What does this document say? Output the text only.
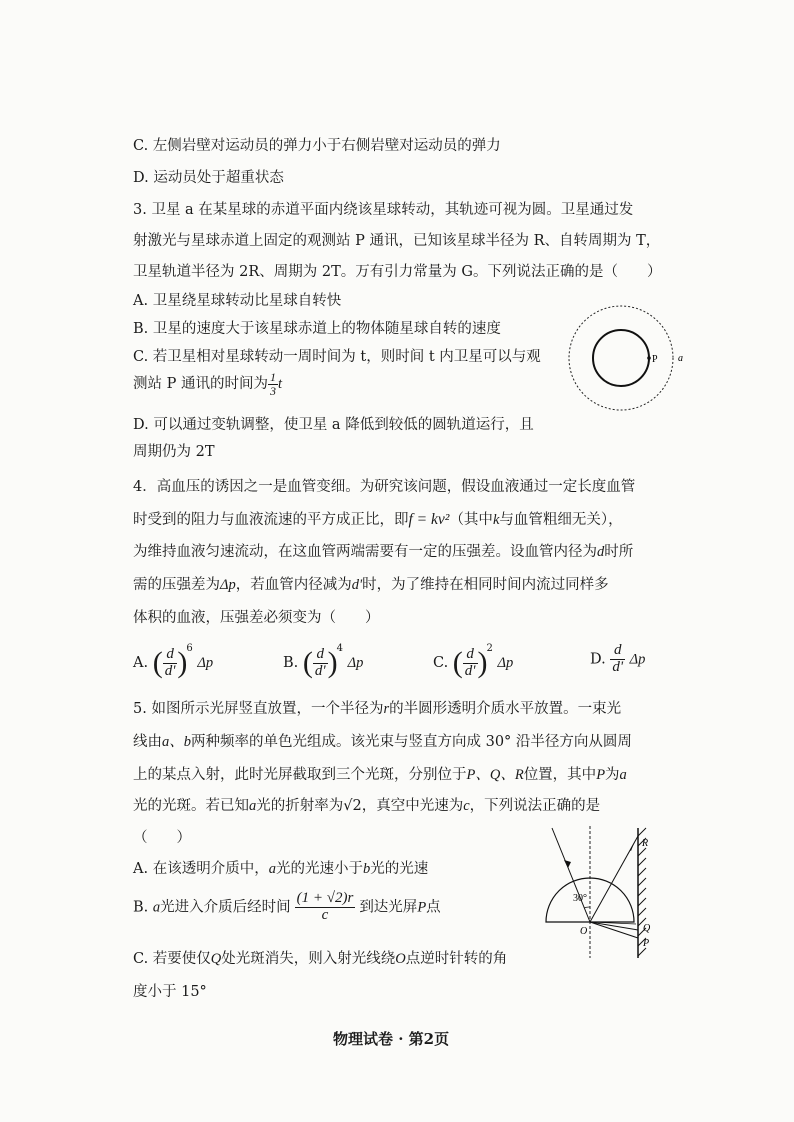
C. 左侧岩壁对运动员的弹力小于右侧岩壁对运动员的弹力
D. 运动员处于超重状态
3. 卫星 a 在某星球的赤道平面内绕该星球转动，其轨迹可视为圆。卫星通过发
射激光与星球赤道上固定的观测站 P 通讯，已知该星球半径为 R、自转周期为 T，
卫星轨道半径为 2R、周期为 2T。万有引力常量为 G。下列说法正确的是（　　）
A. 卫星绕星球转动比星球自转快
B. 卫星的速度大于该星球赤道上的物体随星球自转的速度
C. 若卫星相对星球转动一周时间为 t，则时间 t 内卫星可以与观
测站 P 通讯的时间为 $\frac{1}{3}$ t
D. 可以通过变轨调整，使卫星 a 降低到较低的圆轨道运行，且
周期仍为 2T
P a
4．高血压的诱因之一是血管变细。为研究该问题，假设血液通过一定长度血管
时受到的阻力与血液流速的平方成正比，即f = kv²（其中k与血管粗细无关），
为维持血液匀速流动，在这血管两端需要有一定的压强差。设血管内径为d时所
需的压强差为Δp，若血管内径减为d'时，为了维持在相同时间内流过同样多
体积的血液，压强差必须变为（　　）
A. ( $\frac{d}{d'} )^6$ Δp	B. ( $\frac{d}{d'} )^4$ Δp	C. ( $\frac{d}{d'} )^2$ Δp	D. $\frac{d}{d'}$ Δp
5. 如图所示光屏竖直放置，一个半径为r的半圆形透明介质水平放置。一束光
线由a、b两种频率的单色光组成。该光束与竖直方向成 30° 沿半径方向从圆周
上的某点入射，此时光屏截取到三个光斑，分别位于P、Q、R位置，其中P为a
光的光斑。若已知a光的折射率为√2，真空中光速为c，下列说法正确的是
（　　）
A. 在该透明介质中，a光的光速小于b光的光速
B. a光进入介质后经时间 $\frac{(1 + √2)r}{c}$ 到达光屏P点
C. 若要使仅Q处光斑消失，则入射光线绕O点逆时针转的角
度小于 15°
30°
R
Q
P
O
物理试卷 · 第2页
